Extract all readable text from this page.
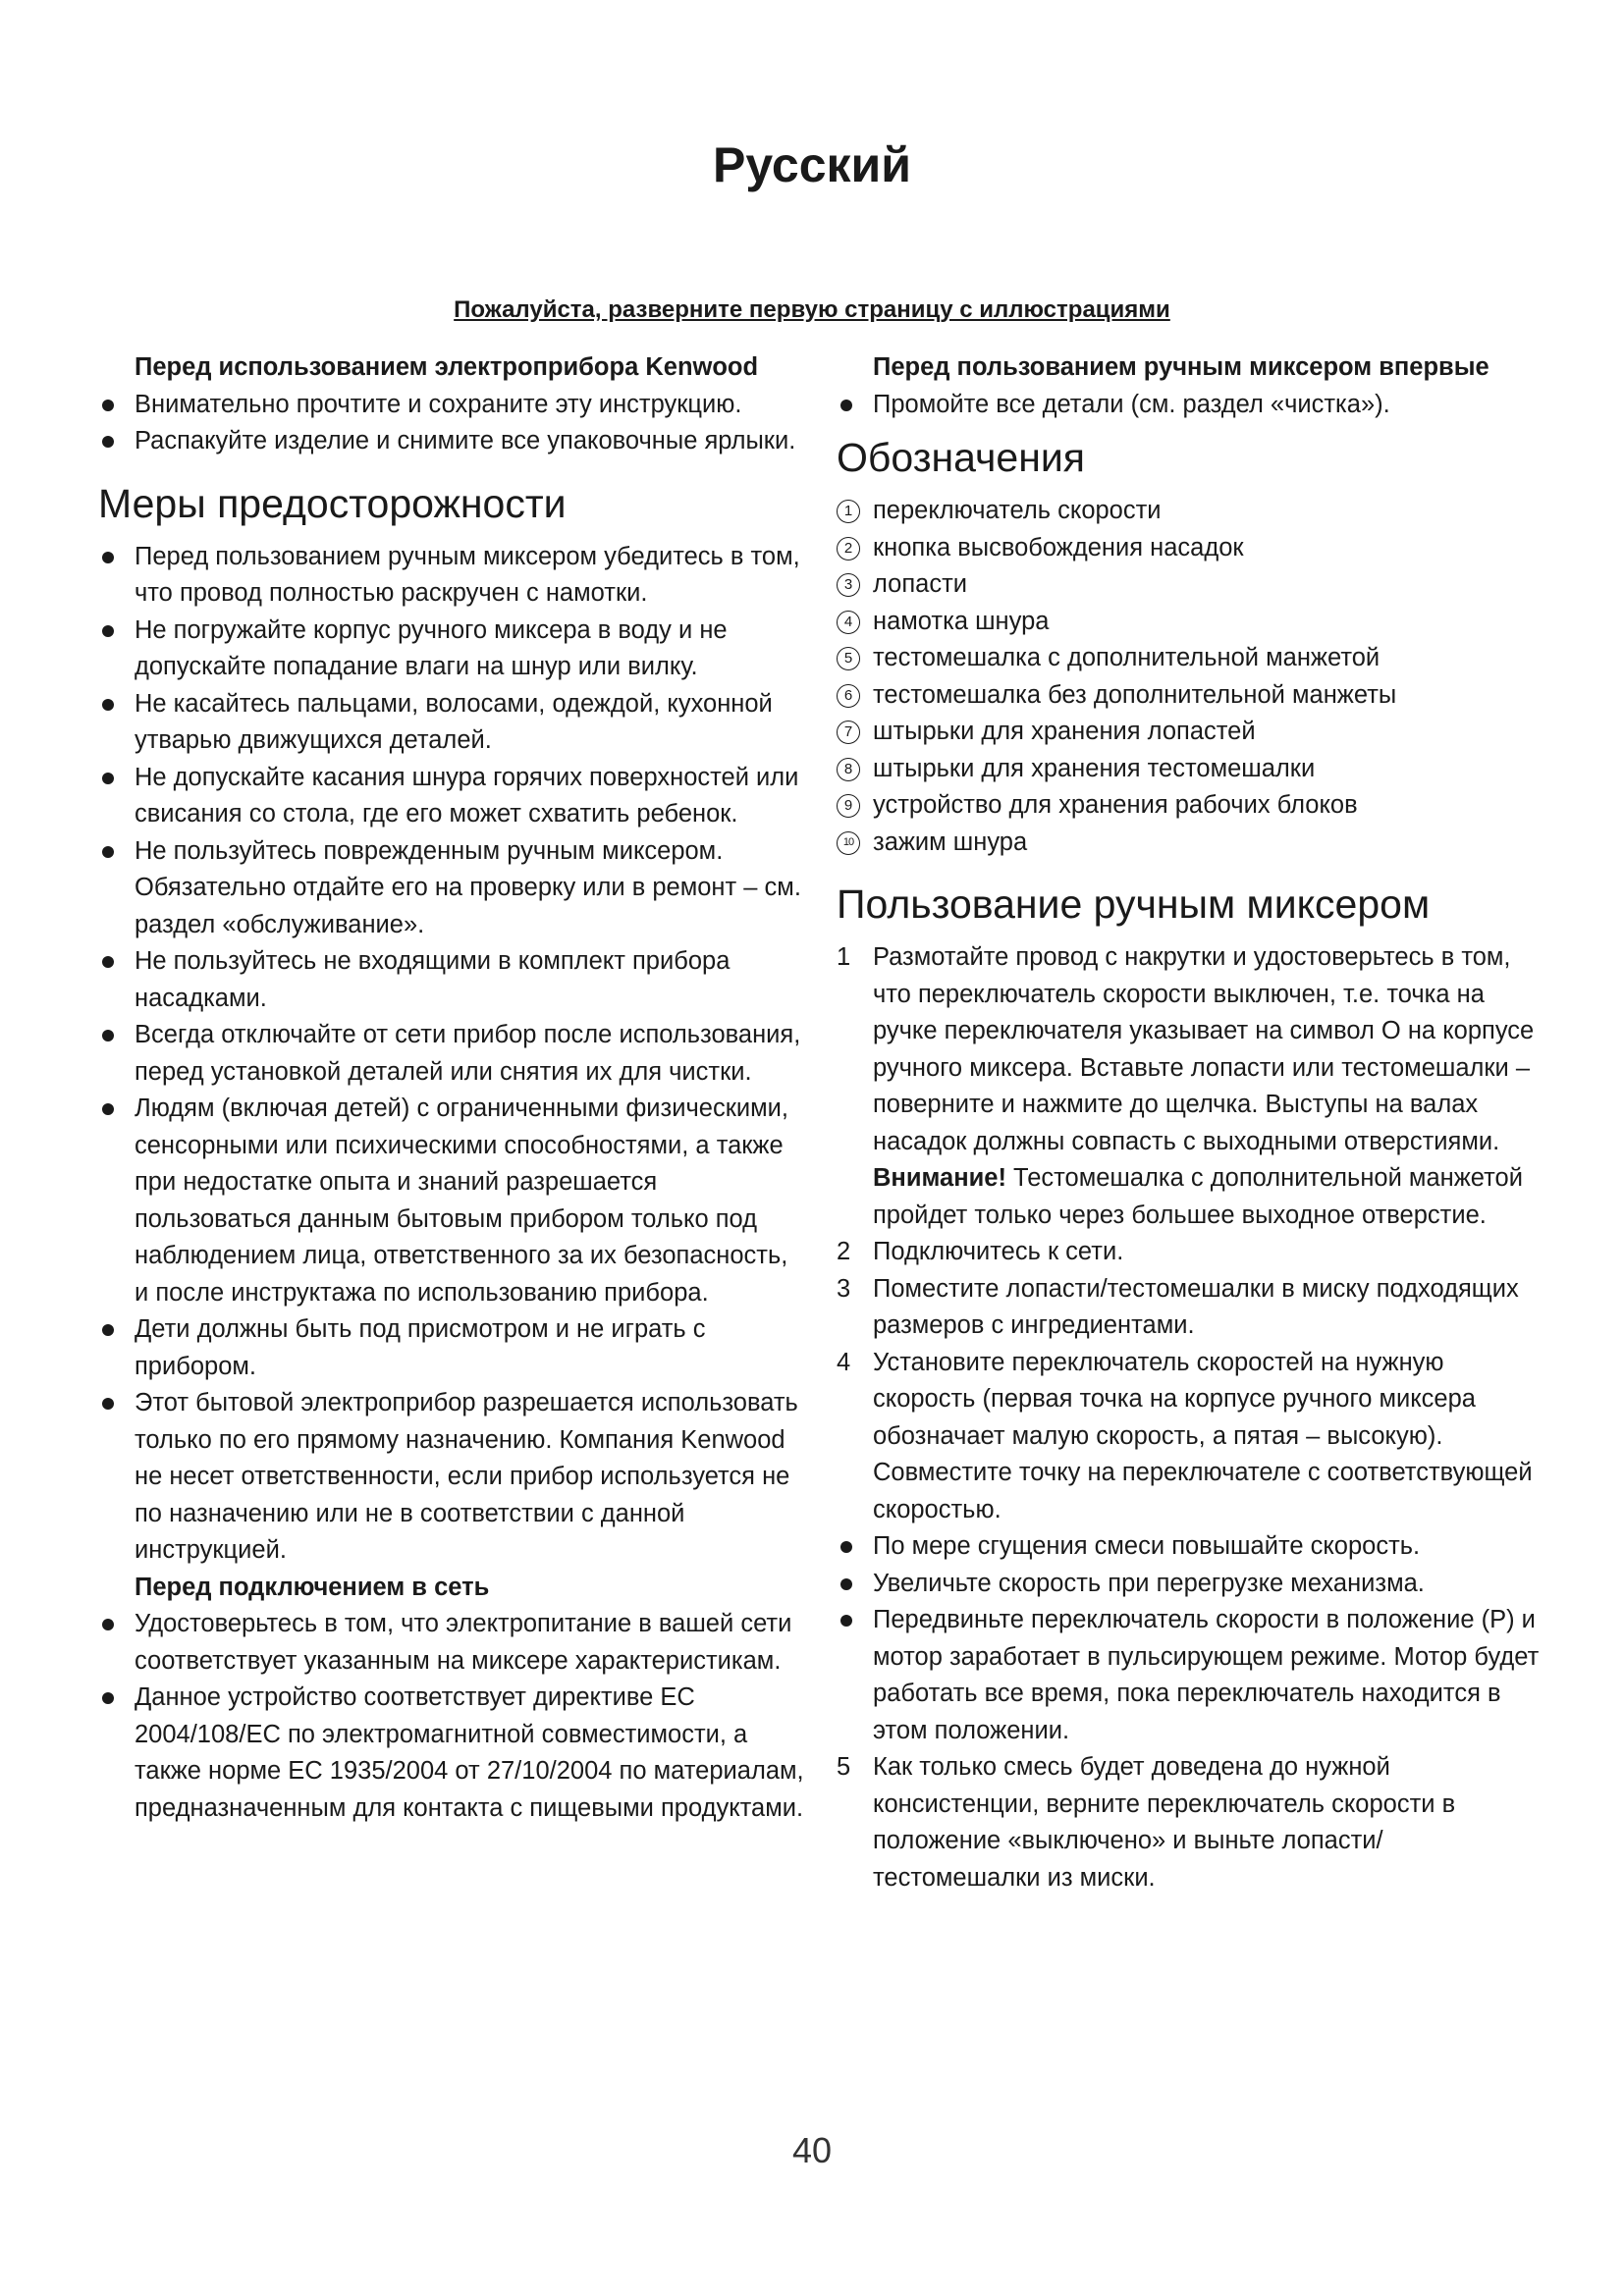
Русский
Пожалуйста, разверните первую страницу с иллюстрациями

Перед использованием электроприбора Kenwood

Внимательно прочтите и сохраните эту инструкцию.
Распакуйте изделие и снимите все упаковочные ярлыки.
Меры предосторожности
Перед пользованием ручным миксером убедитесь в том, что провод полностью раскручен с намотки.
Не погружайте корпус ручного миксера в воду и не допускайте попадание влаги на шнур или вилку.
Не касайтесь пальцами, волосами, одеждой, кухонной утварью движущихся деталей.
Не допускайте касания шнура горячих поверхностей или свисания со стола, где его может схватить ребенок.
Не пользуйтесь поврежденным ручным миксером. Обязательно отдайте его на проверку или в ремонт – см. раздел «обслуживание».
Не пользуйтесь не входящими в комплект прибора насадками.
Всегда отключайте от сети прибор после использования, перед установкой деталей или снятия их для чистки.
Людям (включая детей) с ограниченными физическими, сенсорными или психическими способностями, а также при недостатке опыта и знаний разрешается пользоваться данным бытовым прибором только под наблюдением лица, ответственного за их безопасность, и после инструктажа по использованию прибора.
Дети должны быть под присмотром и не играть с прибором.
Этот бытовой электроприбор разрешается использовать только по его прямому назначению. Компания Kenwood не несет ответственности, если прибор используется не по назначению или не в соответствии с данной инструкцией.

Перед подключением в сеть

Удостоверьтесь в том, что электропитание в вашей сети соответствует указанным на миксере характеристикам.
Данное устройство соответствует директиве ЕС 2004/108/ЕС по электромагнитной совместимости, а также норме ЕС 1935/2004 от 27/10/2004 по материалам, предназначенным для контакта с пищевыми продуктами.

Перед пользованием ручным миксером впервые

Промойте все детали (см. раздел «чистка»).
Обозначения
1 переключатель скорости
2 кнопка высвобождения насадок
3 лопасти
4 намотка шнура
5 тестомешалка с дополнительной манжетой
6 тестомешалка без дополнительной манжеты
7 штырьки для хранения лопастей
8 штырьки для хранения тестомешалки
9 устройство для хранения рабочих блоков
10 зажим шнура
Пользование ручным миксером
1 Размотайте провод с накрутки и удостоверьтесь в том, что переключатель скорости выключен, т.е. точка на ручке переключателя указывает на символ О на корпусе ручного миксера. Вставьте лопасти или тестомешалки – поверните и нажмите до щелчка. Выступы на валах насадок должны совпасть с выходными отверстиями.

Внимание! Тестомешалка с дополнительной манжетой пройдет только через большее выходное отверстие.

2 Подключитесь к сети.
3 Поместите лопасти/тестомешалки в миску подходящих размеров с ингредиентами.
4 Установите переключатель скоростей на нужную скорость (первая точка на корпусе ручного миксера обозначает малую скорость, а пятая – высокую). Совместите точку на переключателе с соответствующей скоростью.
По мере сгущения смеси повышайте скорость.
Увеличьте скорость при перегрузке механизма.
Передвиньте переключатель скорости в положение (P) и мотор заработает в пульсирующем режиме. Мотор будет работать все время, пока переключатель находится в этом положении.
5 Как только смесь будет доведена до нужной консистенции, верните переключатель скорости в положение «выключено» и выньте лопасти/тестомешалки из миски.
40
